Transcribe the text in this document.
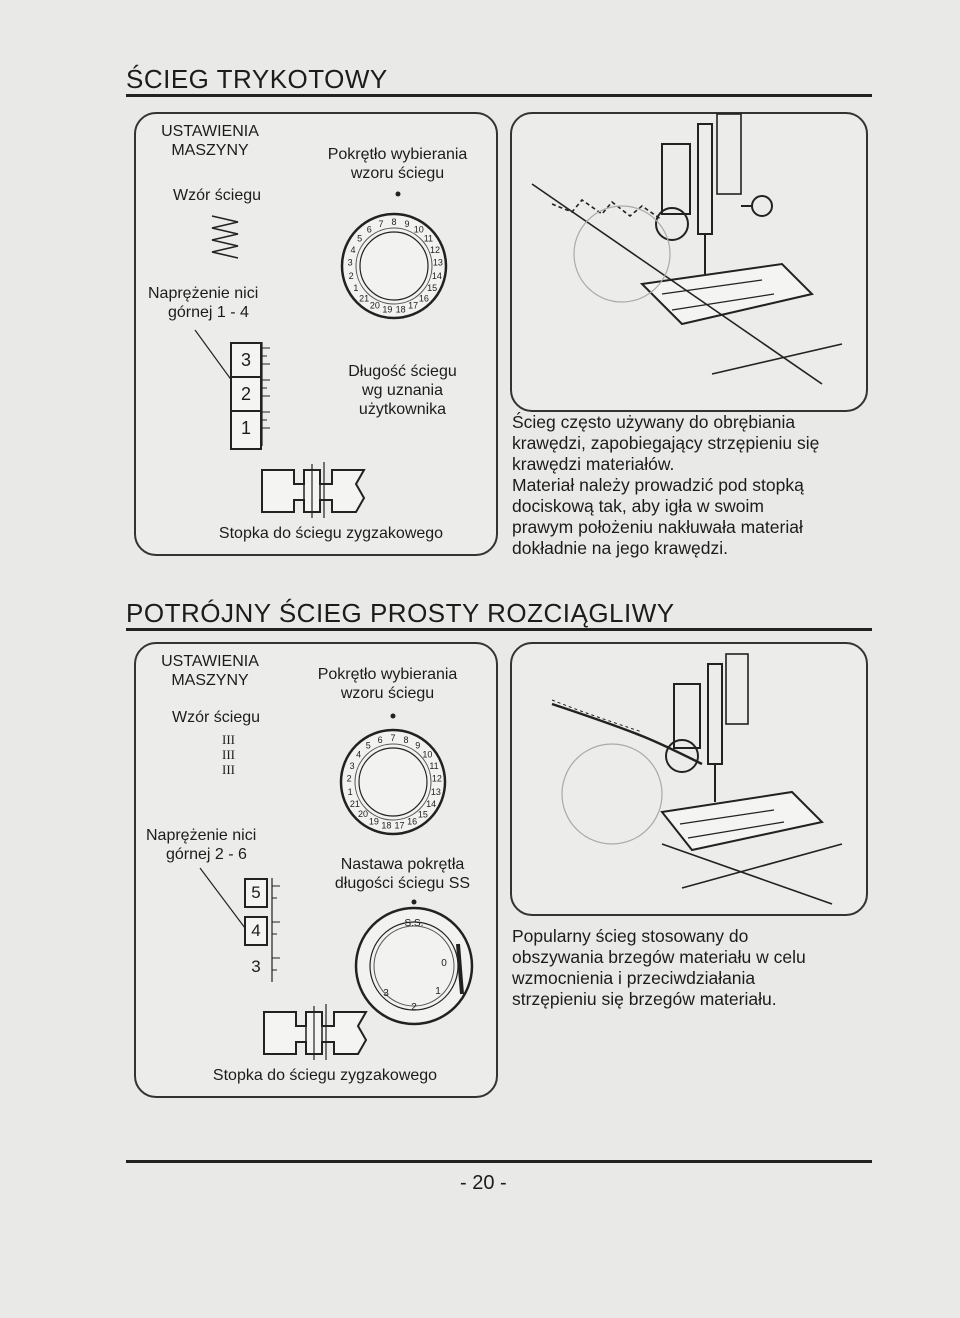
ŚCIEG TRYKOTOWY
USTAWIENIA
MASZYNY	Pokrętło wybierania
wzoru ściegu
Wzór ściegu
8 9
10
11
12
13
14
15
16
17
18
19
20
21
1
2
3
4
5
6
7
Naprężenie nici
górnej 1 - 4
3
2
1
Długość ściegu
wg uznania
użytkownika
Stopka do ściegu zygzakowego
Ścieg często używany do obrębiania
krawędzi, zapobiegający strzępieniu się
krawędzi materiałów.
Materiał należy prowadzić pod stopką
dociskową tak, aby igła w swoim
prawym położeniu nakłuwała materiał
dokładnie na jego krawędzi.
POTRÓJNY ŚCIEG PROSTY ROZCIĄGLIWY
USTAWIENIA
MASZYNY	Pokrętło wybierania
wzoru ściegu
Wzór ściegu
III
III
III
8
9
10
11
12
13
14
15
16
17
18
19
20
21
1
2
3
4
5
6 7
Naprężenie nici
górnej 2 - 6
5
4
3
Nastawa pokrętła
długości ściegu SS
S.S.
0
1
2
3
Stopka do ściegu zygzakowego
Popularny ścieg stosowany do
obszywania brzegów materiału w celu
wzmocnienia i przeciwdziałania
strzępieniu się brzegów materiału.
- 20 -
